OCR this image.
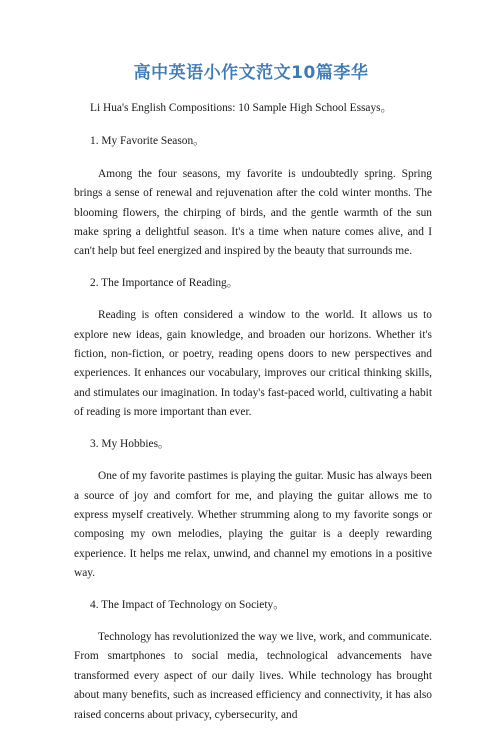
高中英语小作文范文10篇李华

Li Hua's English Compositions: 10 Sample High School Essays。

1. My Favorite Season。

Among the four seasons, my favorite is undoubtedly spring. Spring brings a sense of renewal and rejuvenation after the cold winter months. The blooming flowers, the chirping of birds, and the gentle warmth of the sun make spring a delightful season. It's a time when nature comes alive, and I can't help but feel energized and inspired by the beauty that surrounds me.

2. The Importance of Reading。

Reading is often considered a window to the world. It allows us to explore new ideas, gain knowledge, and broaden our horizons. Whether it's fiction, non-fiction, or poetry, reading opens doors to new perspectives and experiences. It enhances our vocabulary, improves our critical thinking skills, and stimulates our imagination. In today's fast-paced world, cultivating a habit of reading is more important than ever.

3. My Hobbies。

One of my favorite pastimes is playing the guitar. Music has always been a source of joy and comfort for me, and playing the guitar allows me to express myself creatively. Whether strumming along to my favorite songs or composing my own melodies, playing the guitar is a deeply rewarding experience. It helps me relax, unwind, and channel my emotions in a positive way.

4. The Impact of Technology on Society。

Technology has revolutionized the way we live, work, and communicate. From smartphones to social media, technological advancements have transformed every aspect of our daily lives. While technology has brought about many benefits, such as increased efficiency and connectivity, it has also raised concerns about privacy, cybersecurity, and
